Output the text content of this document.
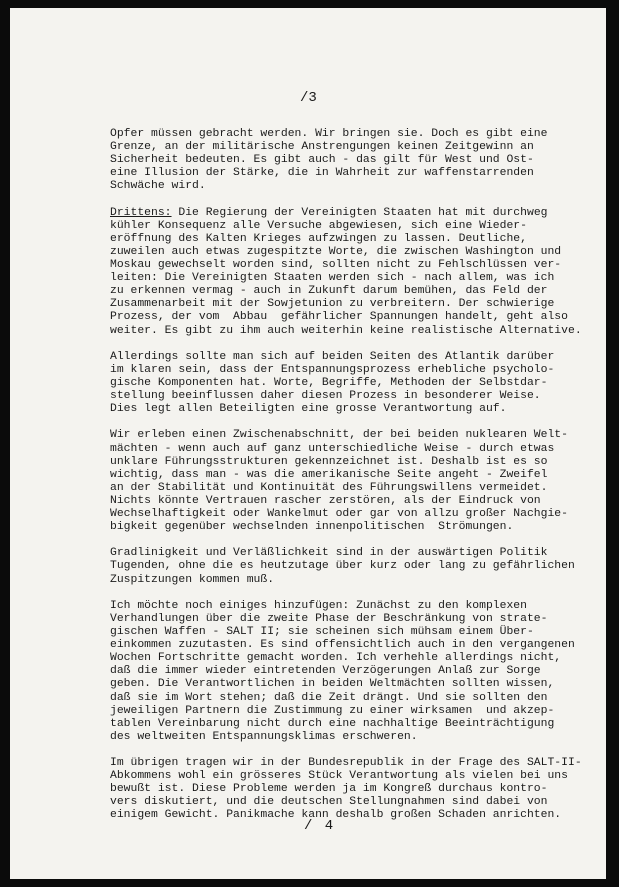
/3
Opfer müssen gebracht werden. Wir bringen sie. Doch es gibt eine
Grenze, an der militärische Anstrengungen keinen Zeitgewinn an
Sicherheit bedeuten. Es gibt auch - das gilt für West und Ost-
eine Illusion der Stärke, die in Wahrheit zur waffenstarrenden
Schwäche wird.
Drittens: Die Regierung der Vereinigten Staaten hat mit durchweg
kühler Konsequenz alle Versuche abgewiesen, sich eine Wieder-
eröffnung des Kalten Krieges aufzwingen zu lassen. Deutliche,
zuweilen auch etwas zugespitzte Worte, die zwischen Washington und
Moskau gewechselt worden sind, sollten nicht zu Fehlschlüssen ver-
leiten: Die Vereinigten Staaten werden sich - nach allem, was ich
zu erkennen vermag - auch in Zukunft darum bemühen, das Feld der
Zusammenarbeit mit der Sowjetunion zu verbreitern. Der schwierige
Prozess, der vom  Abbau  gefährlicher Spannungen handelt, geht also
weiter. Es gibt zu ihm auch weiterhin keine realistische Alternative.
Allerdings sollte man sich auf beiden Seiten des Atlantik darüber
im klaren sein, dass der Entspannungsprozess erhebliche psycholo-
gische Komponenten hat. Worte, Begriffe, Methoden der Selbstdar-
stellung beeinflussen daher diesen Prozess in besonderer Weise.
Dies legt allen Beteiligten eine grosse Verantwortung auf.
Wir erleben einen Zwischenabschnitt, der bei beiden nuklearen Welt-
mächten - wenn auch auf ganz unterschiedliche Weise - durch etwas
unklare Führungsstrukturen gekennzeichnet ist. Deshalb ist es so
wichtig, dass man - was die amerikanische Seite angeht - Zweifel
an der Stabilität und Kontinuität des Führungswillens vermeidet.
Nichts könnte Vertrauen rascher zerstören, als der Eindruck von
Wechselhaftigkeit oder Wankelmut oder gar von allzu großer Nachgie-
bigkeit gegenüber wechselnden innenpolitischen  Strömungen.
Gradlinigkeit und Verläßlichkeit sind in der auswärtigen Politik
Tugenden, ohne die es heutzutage über kurz oder lang zu gefährlichen
Zuspitzungen kommen muß.
Ich möchte noch einiges hinzufügen: Zunächst zu den komplexen
Verhandlungen über die zweite Phase der Beschränkung von strate-
gischen Waffen - SALT II; sie scheinen sich mühsam einem Über-
einkommen zuzutasten. Es sind offensichtlich auch in den vergangenen
Wochen Fortschritte gemacht worden. Ich verhehle allerdings nicht,
daß die immer wieder eintretenden Verzögerungen Anlaß zur Sorge
geben. Die Verantwortlichen in beiden Weltmächten sollten wissen,
daß sie im Wort stehen; daß die Zeit drängt. Und sie sollten den
jeweiligen Partnern die Zustimmung zu einer wirksamen  und akzep-
tablen Vereinbarung nicht durch eine nachhaltige Beeinträchtigung
des weltweiten Entspannungsklimas erschweren.
Im übrigen tragen wir in der Bundesrepublik in der Frage des SALT-II-
Abkommens wohl ein grösseres Stück Verantwortung als vielen bei uns
bewußt ist. Diese Probleme werden ja im Kongreß durchaus kontro-
vers diskutiert, und die deutschen Stellungnahmen sind dabei von
einigem Gewicht. Panikmache kann deshalb großen Schaden anrichten.
/ 4
